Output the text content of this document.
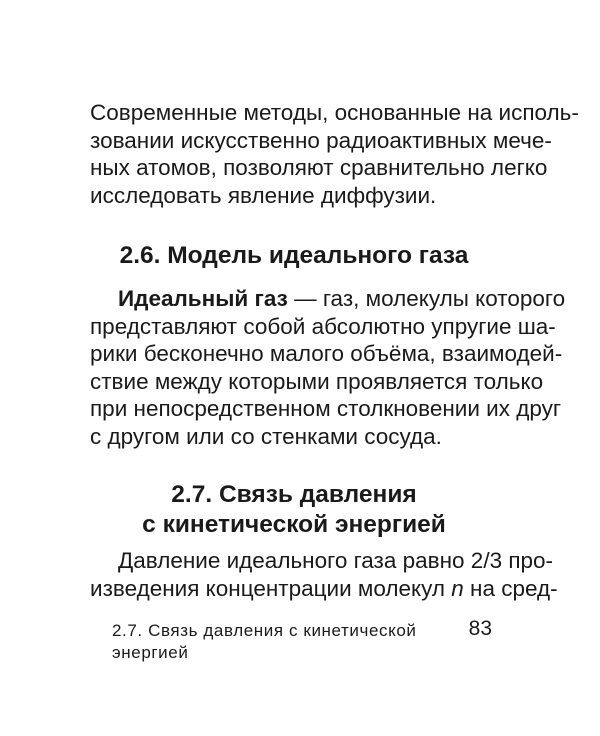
Современные методы, основанные на исполь-
зовании искусственно радиоактивных мече-
ных атомов, позволяют сравнительно легко
исследовать явление диффузии.
2.6. Модель идеального газа
Идеальный газ — газ, молекулы которого
представляют собой абсолютно упругие ша-
рики бесконечно малого объёма, взаимодей-
ствие между которыми проявляется только
при непосредственном столкновении их друг
с другом или со стенками сосуда.
2.7. Связь давления
с кинетической энергией
Давление идеального газа равно 2/3 про-
изведения концентрации молекул n на сред-
2.7. Связь давления с кинетической энергией
83
